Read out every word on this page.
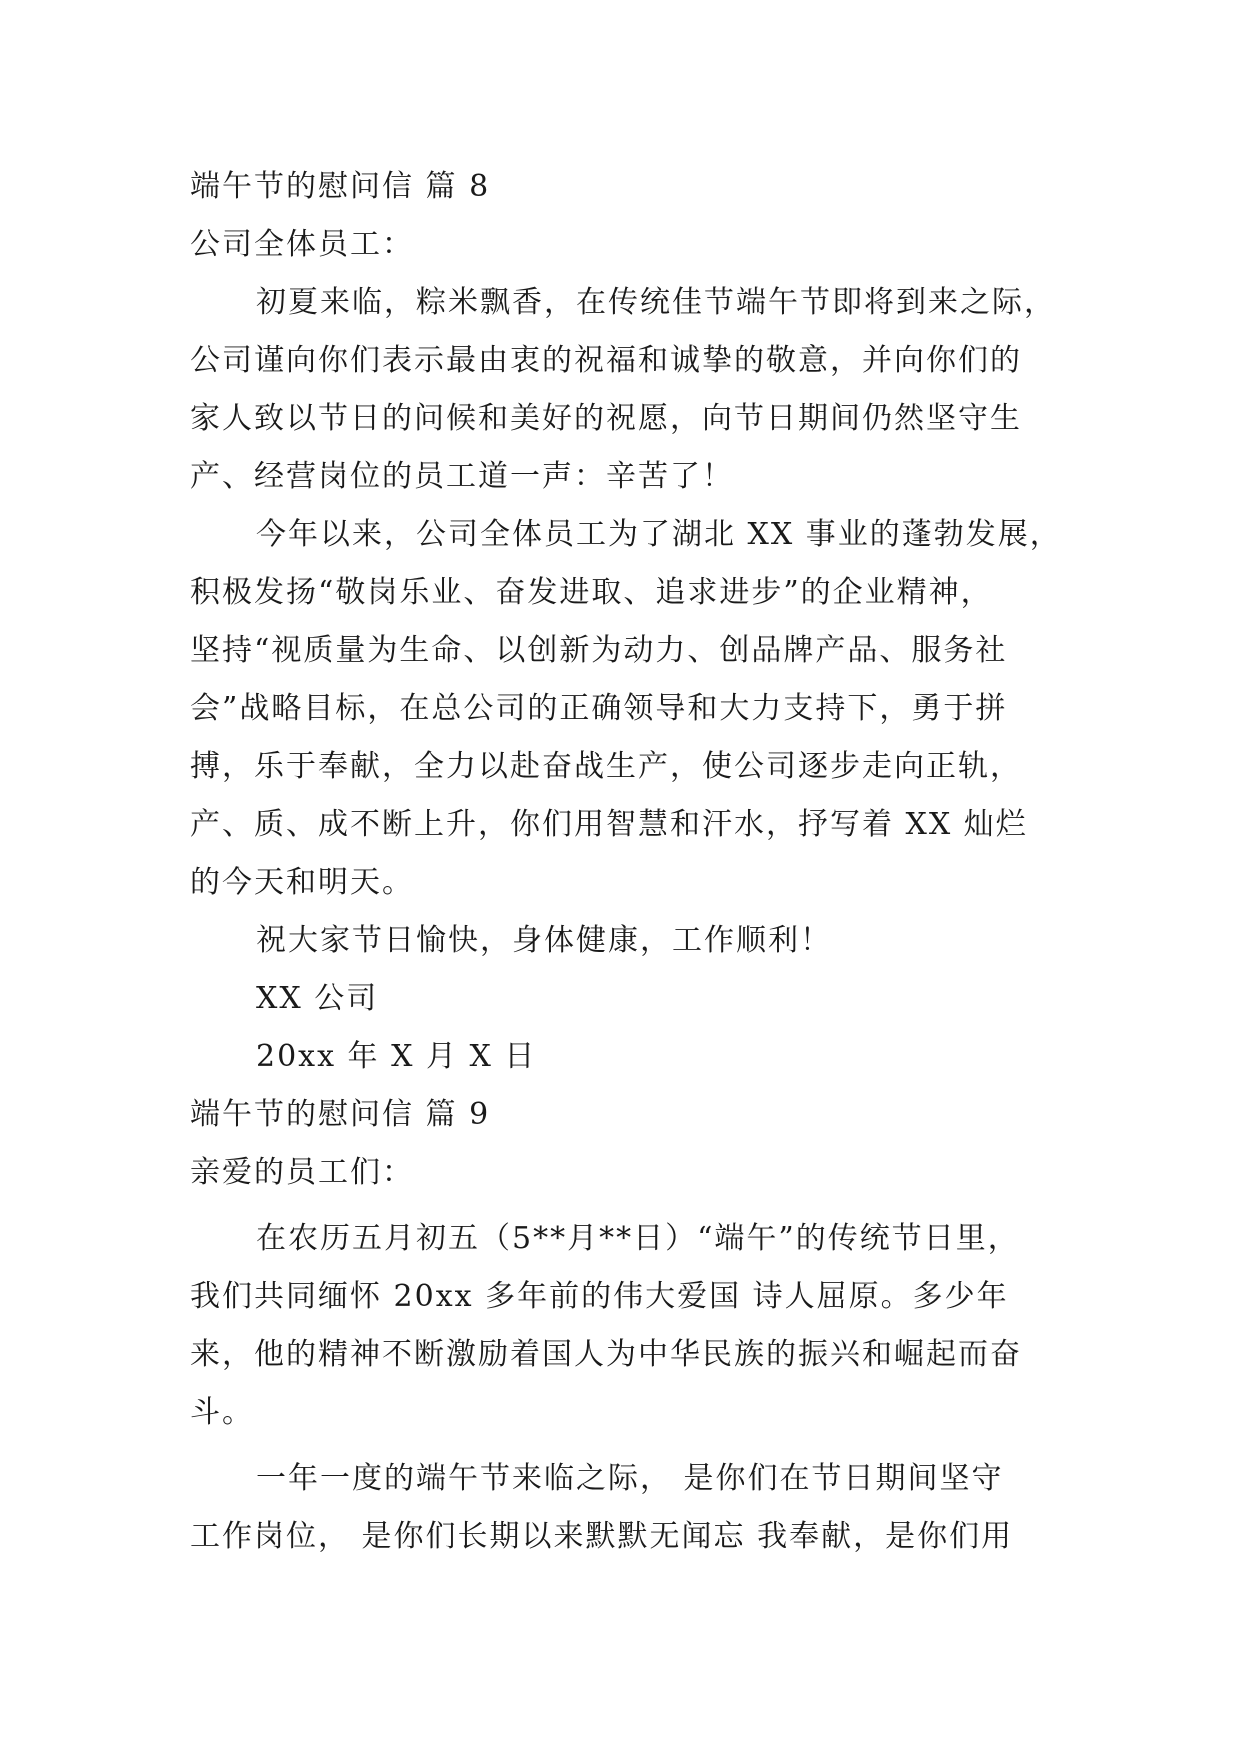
端午节的慰问信 篇 8
公司全体员工：
初夏来临，粽米飘香，在传统佳节端午节即将到来之际，
公司谨向你们表示最由衷的祝福和诚挚的敬意，并向你们的
家人致以节日的问候和美好的祝愿，向节日期间仍然坚守生
产、经营岗位的员工道一声：辛苦了！
今年以来，公司全体员工为了湖北 XX 事业的蓬勃发展，
积极发扬“敬岗乐业、奋发进取、追求进步”的企业精神，
坚持“视质量为生命、以创新为动力、创品牌产品、服务社
会”战略目标，在总公司的正确领导和大力支持下，勇于拼
搏，乐于奉献，全力以赴奋战生产，使公司逐步走向正轨，
产、质、成不断上升，你们用智慧和汗水，抒写着 XX 灿烂
的今天和明天。
祝大家节日愉快，身体健康，工作顺利！
XX 公司
20xx 年 X 月 X 日
端午节的慰问信 篇 9
亲爱的员工们：
在农历五月初五（5**月**日）“端午”的传统节日里，
我们共同缅怀 20xx 多年前的伟大爱国 诗人屈原。多少年
来，他的精神不断激励着国人为中华民族的振兴和崛起而奋
斗。
一年一度的端午节来临之际， 是你们在节日期间坚守
工作岗位， 是你们长期以来默默无闻忘 我奉献，是你们用
